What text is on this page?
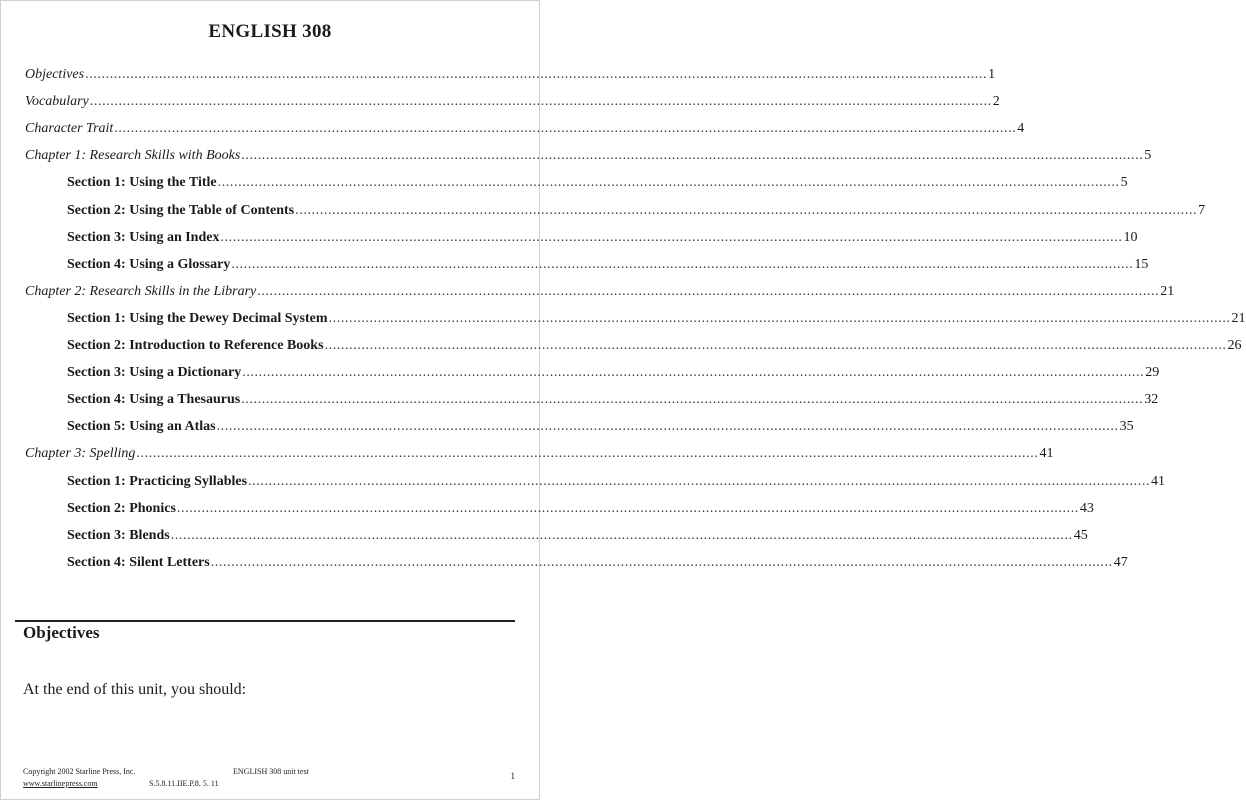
ENGLISH 308
Objectives ............................................................................................................................................................................................................................ 1
Vocabulary ............................................................................................................................................................................................................................ 2
Character Trait ............................................................................................................................................................................................................................ 4
Chapter 1: Research Skills with Books ............................................................................................................................................................................................................................ 5
Section 1: Using the Title ............................................................................................................................................................................................................................ 5
Section 2: Using the Table of Contents ............................................................................................................................................................................................................................ 7
Section 3: Using an Index ............................................................................................................................................................................................................................ 10
Section 4: Using a Glossary ............................................................................................................................................................................................................................ 15
Chapter 2: Research Skills in the Library ............................................................................................................................................................................................................................ 21
Section 1: Using the Dewey Decimal System ............................................................................................................................................................................................................................ 21
Section 2: Introduction to Reference Books ............................................................................................................................................................................................................................ 26
Section 3: Using a Dictionary ............................................................................................................................................................................................................................ 29
Section 4: Using a Thesaurus ............................................................................................................................................................................................................................ 32
Section 5: Using an Atlas ............................................................................................................................................................................................................................ 35
Chapter 3: Spelling ............................................................................................................................................................................................................................ 41
Section 1: Practicing Syllables ............................................................................................................................................................................................................................ 41
Section 2: Phonics ............................................................................................................................................................................................................................ 43
Section 3: Blends ............................................................................................................................................................................................................................ 45
Section 4: Silent Letters ............................................................................................................................................................................................................................ 47
Objectives
At the end of this unit, you should:
Copyright 2002 Starline Press, Inc.
www.starlinepress.com
ENGLISH 308 unit test
S.5.8.11.IIE.P.8. 5. 11
1
